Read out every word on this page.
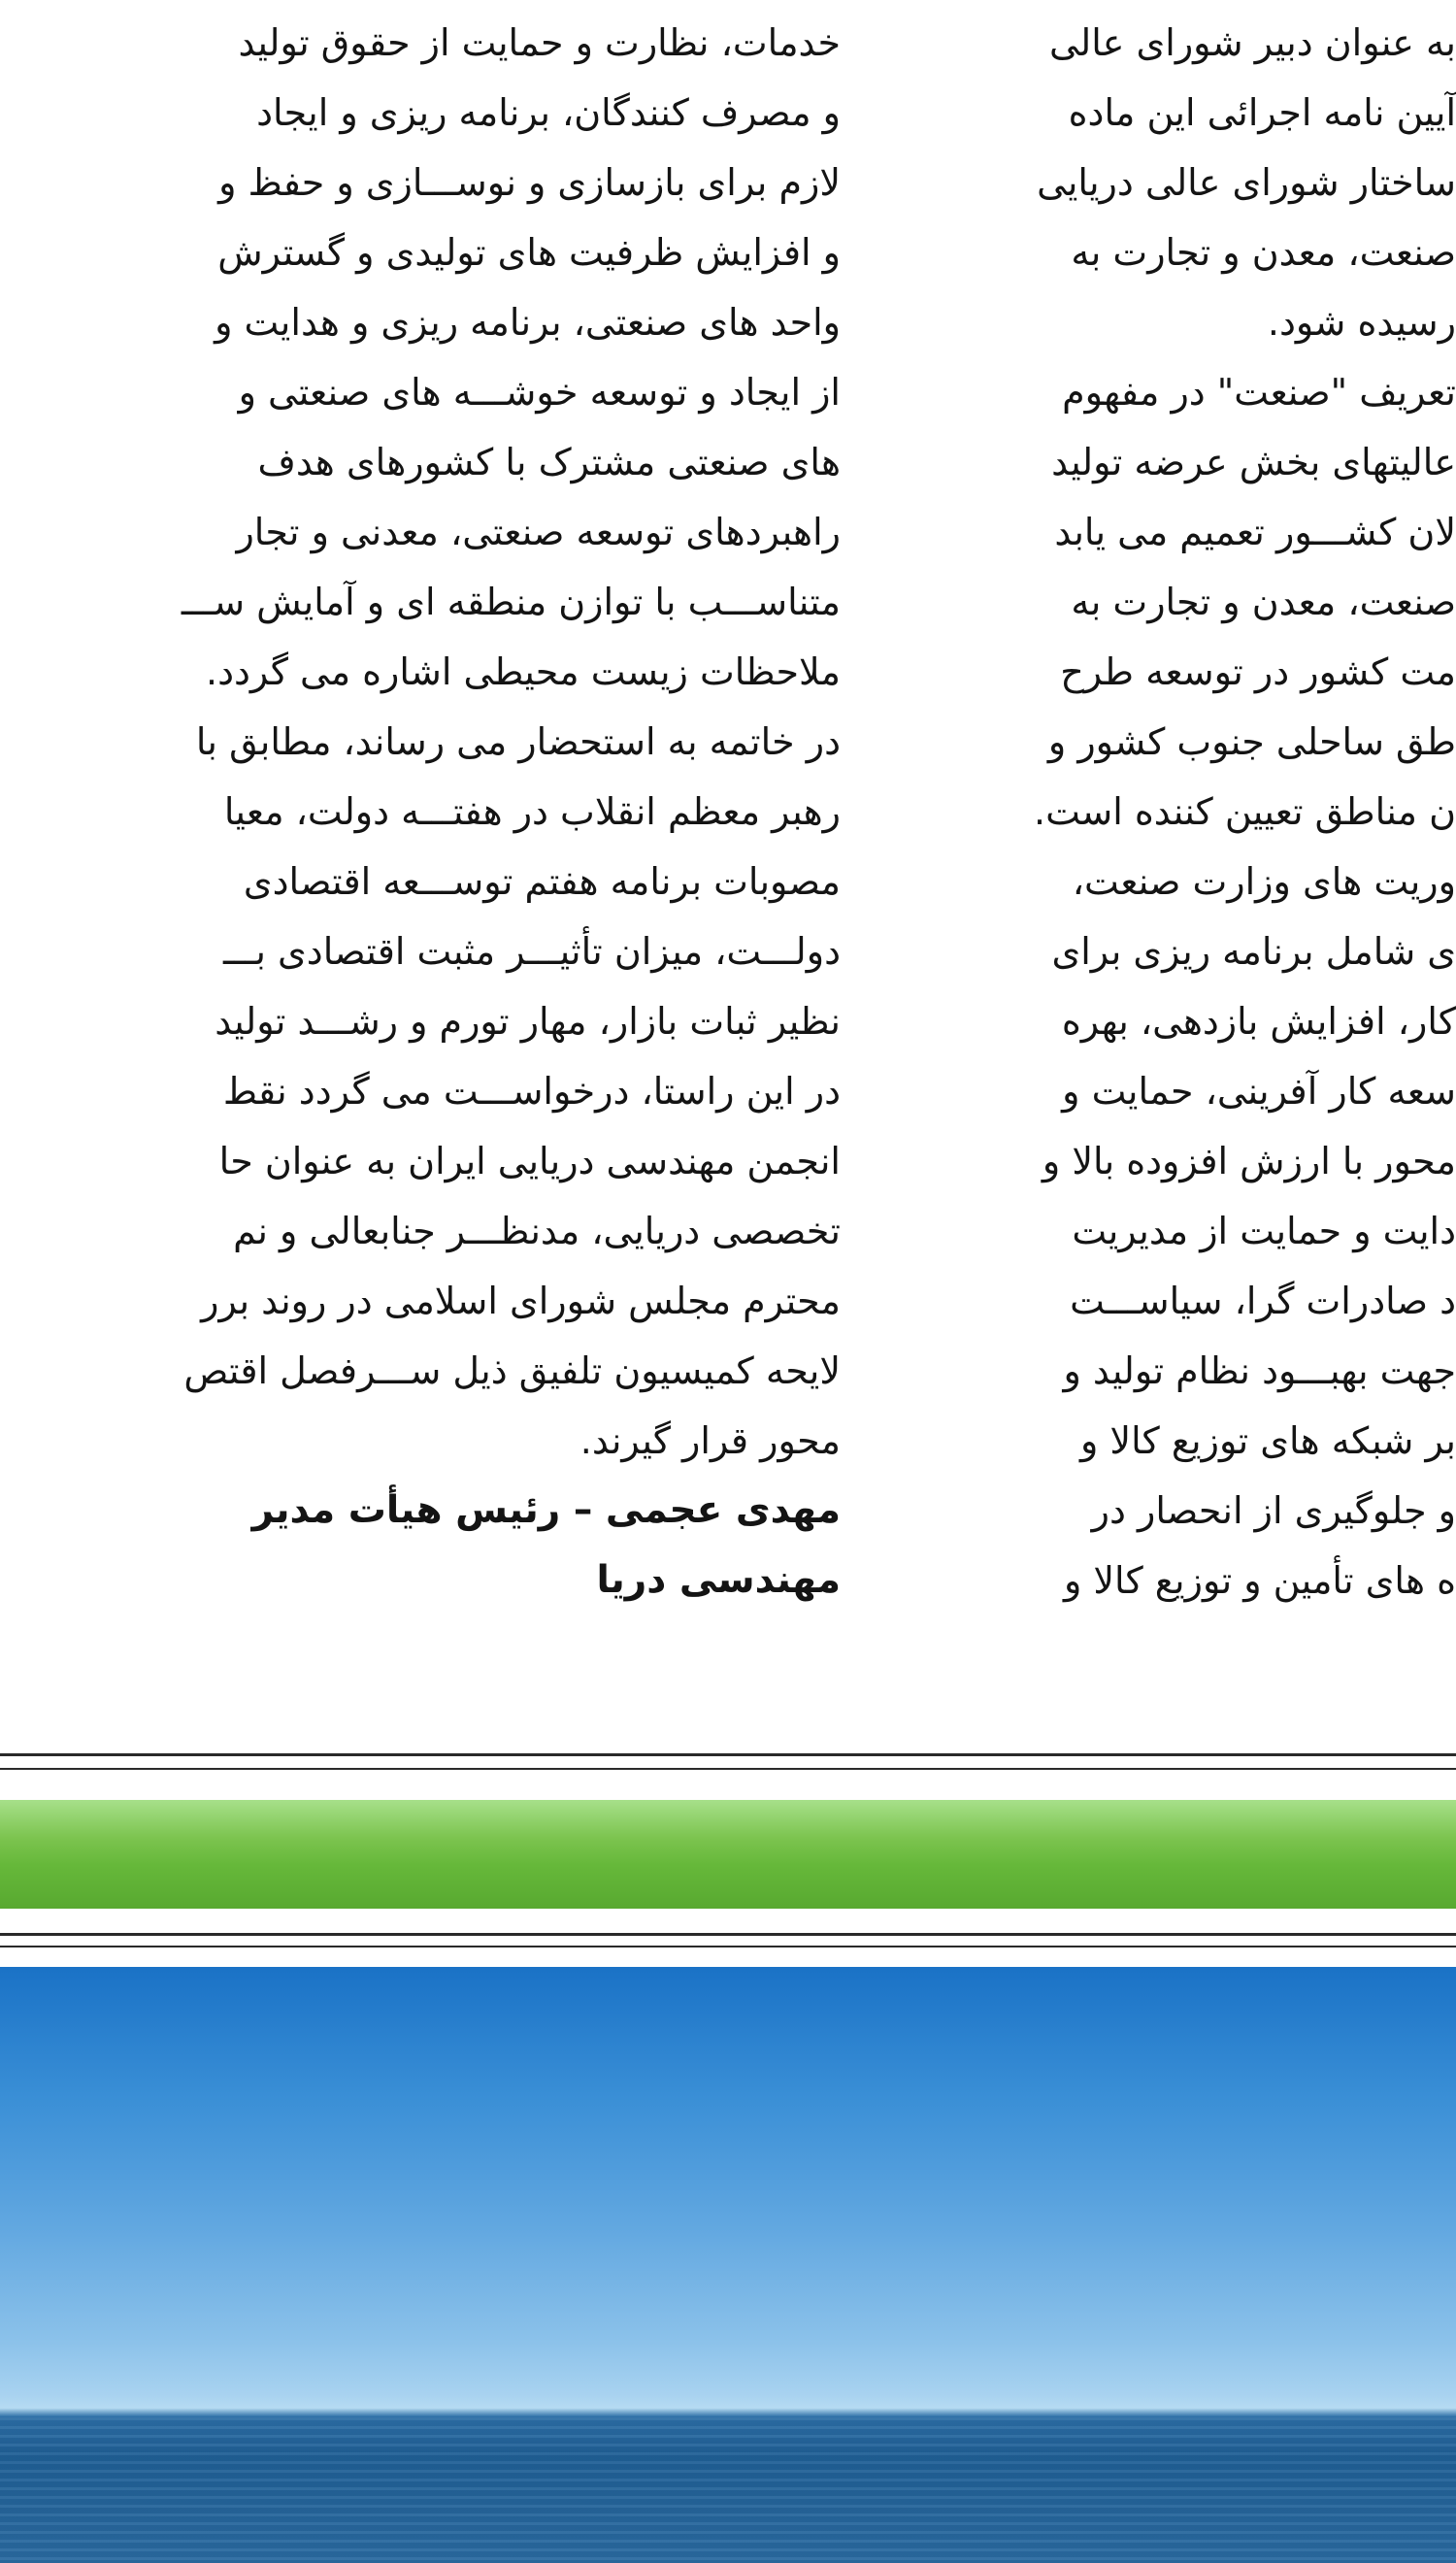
خدمات، نظارت و حمایت از حقوق تولید
و مصرف کنندگان، برنامه ریزی و ایجاد
لازم برای بازسازی و نوســـازی و حفظ و
و افزایش ظرفیت های تولیدی و گسترش
واحد های صنعتی، برنامه ریزی و هدایت و
از ایجاد و توسعه خوشـــه های صنعتی و
های صنعتی مشترک با کشورهای هدف
راهبردهای توسعه صنعتی، معدنی و تجار
متناســـب با توازن منطقه ای و آمایش ســـ
ملاحظات زیست محیطی اشاره می گردد.
در خاتمه به استحضار می رساند، مطابق با
رهبر معظم انقلاب در هفتـــه دولت، معیا
مصوبات برنامه هفتم توســـعه اقتصادی
دولـــت، میزان تأثیـــر مثبت اقتصادی بـــ
نظیر ثبات بازار، مهار تورم و رشـــد تولید
در این راستا، درخواســـت می گردد نقط
انجمن مهندسی دریایی ایران به عنوان حا
تخصصی دریایی، مدنظـــر جنابعالی و نم
محترم مجلس شورای اسلامی در روند برر
لایحه کمیسیون تلفیق ذیل ســـرفصل اقتص
محور قرار گیرند.
مهدی عجمی – رئیس هیأت مدیر
مهندسی دریا
به عنوان دبیر شورای عالی
آیین نامه اجرائی این ماده
ساختار شورای عالی دریایی
صنعت، معدن و تجارت به
رسیده شود.
تعریف "صنعت" در مفهوم
عالیتهای بخش عرضه تولید
لان کشـــور تعمیم می یابد
صنعت، معدن و تجارت به
مت کشور در توسعه طرح
طق ساحلی جنوب کشور و
ن مناطق تعیین کننده است.
وریت های وزارت صنعت،
ی شامل برنامه ریزی برای
کار، افزایش بازدهی، بهره
سعه کار آفرینی، حمایت و
محور با ارزش افزوده بالا و
دایت و حمایت از مدیریت
د صادرات گرا، سیاســـت
جهت بهبـــود نظام تولید و
بر شبکه های توزیع کالا و
و جلوگیری از انحصار در
ه های تأمین و توزیع کالا و
